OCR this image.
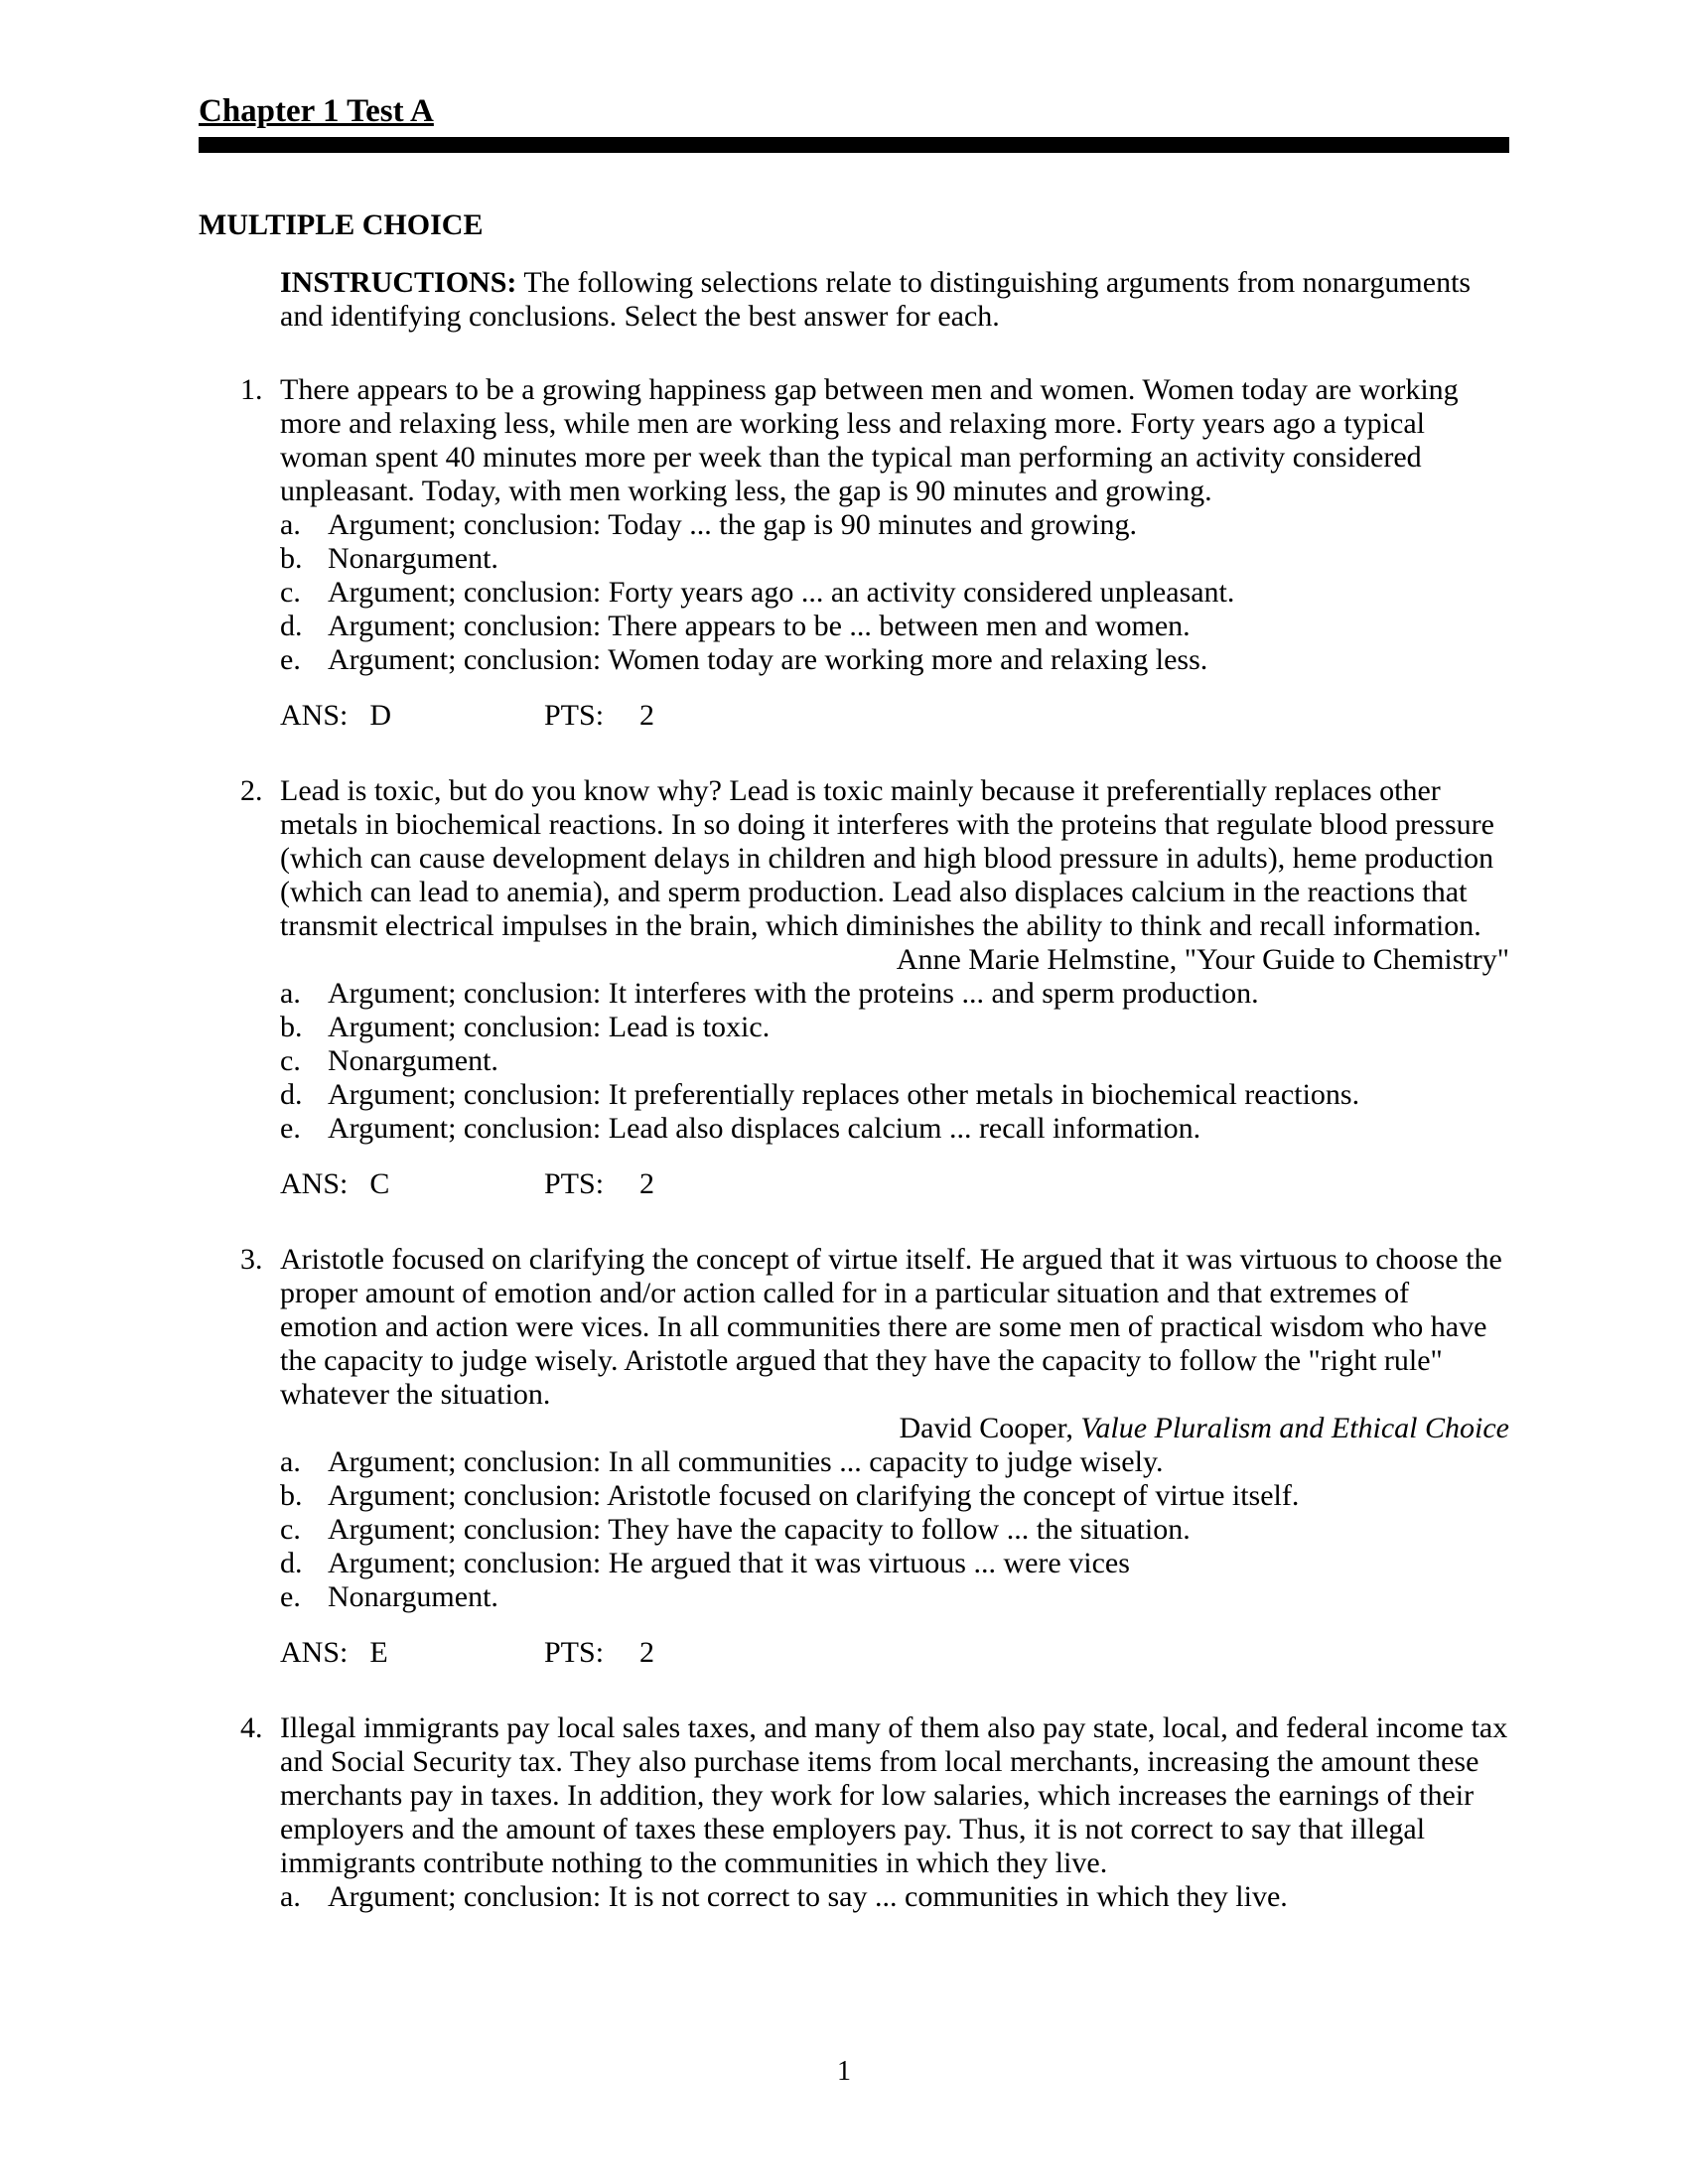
Chapter 1 Test A
MULTIPLE CHOICE

INSTRUCTIONS: The following selections relate to distinguishing arguments from nonarguments and identifying conclusions. Select the best answer for each.

1. There appears to be a growing happiness gap between men and women. Women today are working more and relaxing less, while men are working less and relaxing more. Forty years ago a typical woman spent 40 minutes more per week than the typical man performing an activity considered unpleasant. Today, with men working less, the gap is 90 minutes and growing.
a. Argument; conclusion: Today ... the gap is 90 minutes and growing.
b. Nonargument.
c. Argument; conclusion: Forty years ago ... an activity considered unpleasant.
d. Argument; conclusion: There appears to be ... between men and women.
e. Argument; conclusion: Women today are working more and relaxing less.
ANS: D	PTS: 2
2. Lead is toxic, but do you know why? Lead is toxic mainly because it preferentially replaces other metals in biochemical reactions. In so doing it interferes with the proteins that regulate blood pressure (which can cause development delays in children and high blood pressure in adults), heme production (which can lead to anemia), and sperm production. Lead also displaces calcium in the reactions that transmit electrical impulses in the brain, which diminishes the ability to think and recall information.
Anne Marie Helmstine, "Your Guide to Chemistry"
a. Argument; conclusion: It interferes with the proteins ... and sperm production.
b. Argument; conclusion: Lead is toxic.
c. Nonargument.
d. Argument; conclusion: It preferentially replaces other metals in biochemical reactions.
e. Argument; conclusion: Lead also displaces calcium ... recall information.
ANS: C	PTS: 2
3. Aristotle focused on clarifying the concept of virtue itself. He argued that it was virtuous to choose the proper amount of emotion and/or action called for in a particular situation and that extremes of emotion and action were vices. In all communities there are some men of practical wisdom who have the capacity to judge wisely. Aristotle argued that they have the capacity to follow the "right rule" whatever the situation.
David Cooper, Value Pluralism and Ethical Choice
a. Argument; conclusion: In all communities ... capacity to judge wisely.
b. Argument; conclusion: Aristotle focused on clarifying the concept of virtue itself.
c. Argument; conclusion: They have the capacity to follow ... the situation.
d. Argument; conclusion: He argued that it was virtuous ... were vices
e. Nonargument.
ANS: E	PTS: 2
4. Illegal immigrants pay local sales taxes, and many of them also pay state, local, and federal income tax and Social Security tax. They also purchase items from local merchants, increasing the amount these merchants pay in taxes. In addition, they work for low salaries, which increases the earnings of their employers and the amount of taxes these employers pay. Thus, it is not correct to say that illegal immigrants contribute nothing to the communities in which they live.
a. Argument; conclusion: It is not correct to say ... communities in which they live.
1
